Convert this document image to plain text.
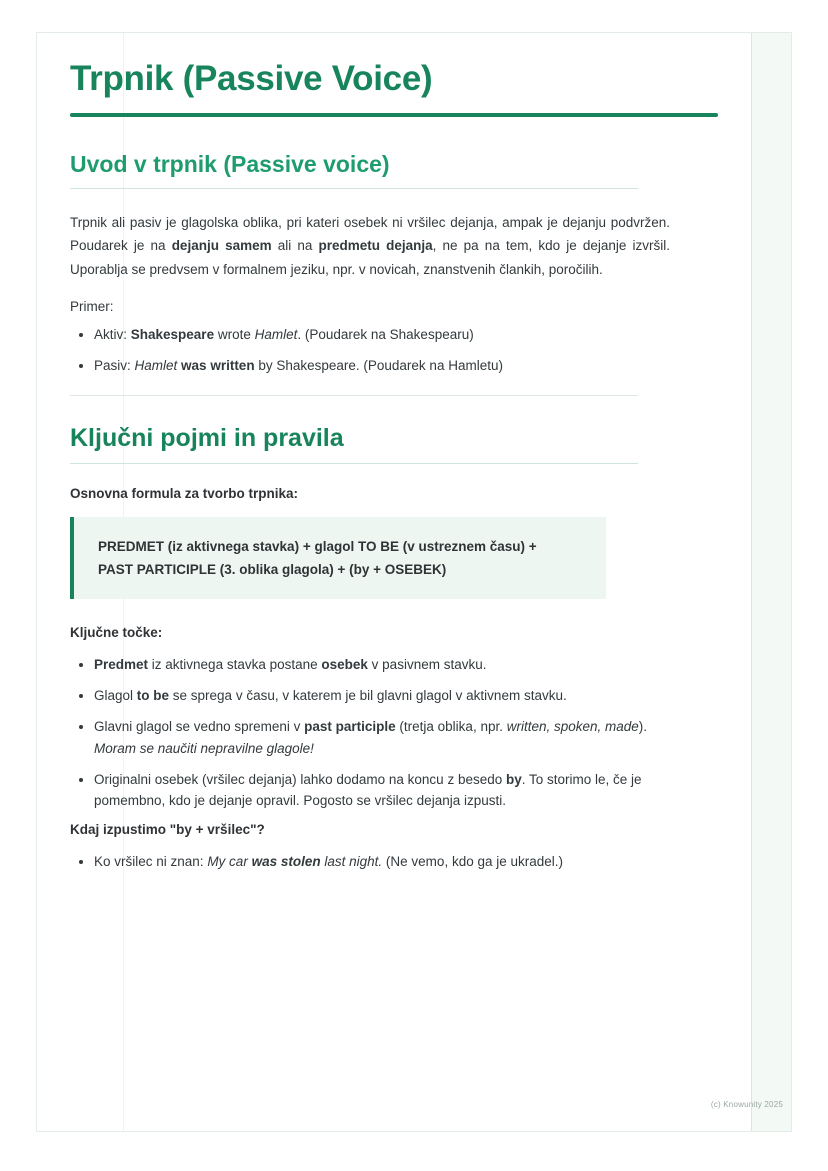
Trpnik (Passive Voice)
Uvod v trpnik (Passive voice)

Trpnik ali pasiv je glagolska oblika, pri kateri osebek ni vršilec dejanja, ampak je dejanju podvržen. Poudarek je na dejanju samem ali na predmetu dejanja, ne pa na tem, kdo je dejanje izvršil. Uporablja se predvsem v formalnem jeziku, npr. v novicah, znanstvenih člankih, poročilih.

Primer:

• Aktiv: Shakespeare wrote Hamlet. (Poudarek na Shakespearu)
• Pasiv: Hamlet was written by Shakespeare. (Poudarek na Hamletu)
Ključni pojmi in pravila

Osnovna formula za tvorbo trpnika:

PREDMET (iz aktivnega stavka) + glagol TO BE (v ustreznem času) +
PAST PARTICIPLE (3. oblika glagola) + (by + OSEBEK)

Ključne točke:

• Predmet iz aktivnega stavka postane osebek v pasivnem stavku.
• Glagol to be se sprega v času, v katerem je bil glavni glagol v aktivnem stavku.
• Glavni glagol se vedno spremeni v past participle (tretja oblika, npr. written, spoken, made). Moram se naučiti nepravilne glagole!
• Originalni osebek (vršilec dejanja) lahko dodamo na koncu z besedo by. To storimo le, če je pomembno, kdo je dejanje opravil. Pogosto se vršilec dejanja izpusti.

Kdaj izpustimo "by + vršilec"?

• Ko vršilec ni znan: My car was stolen last night. (Ne vemo, kdo ga je ukradel.)
(c) Knowunity 2025
